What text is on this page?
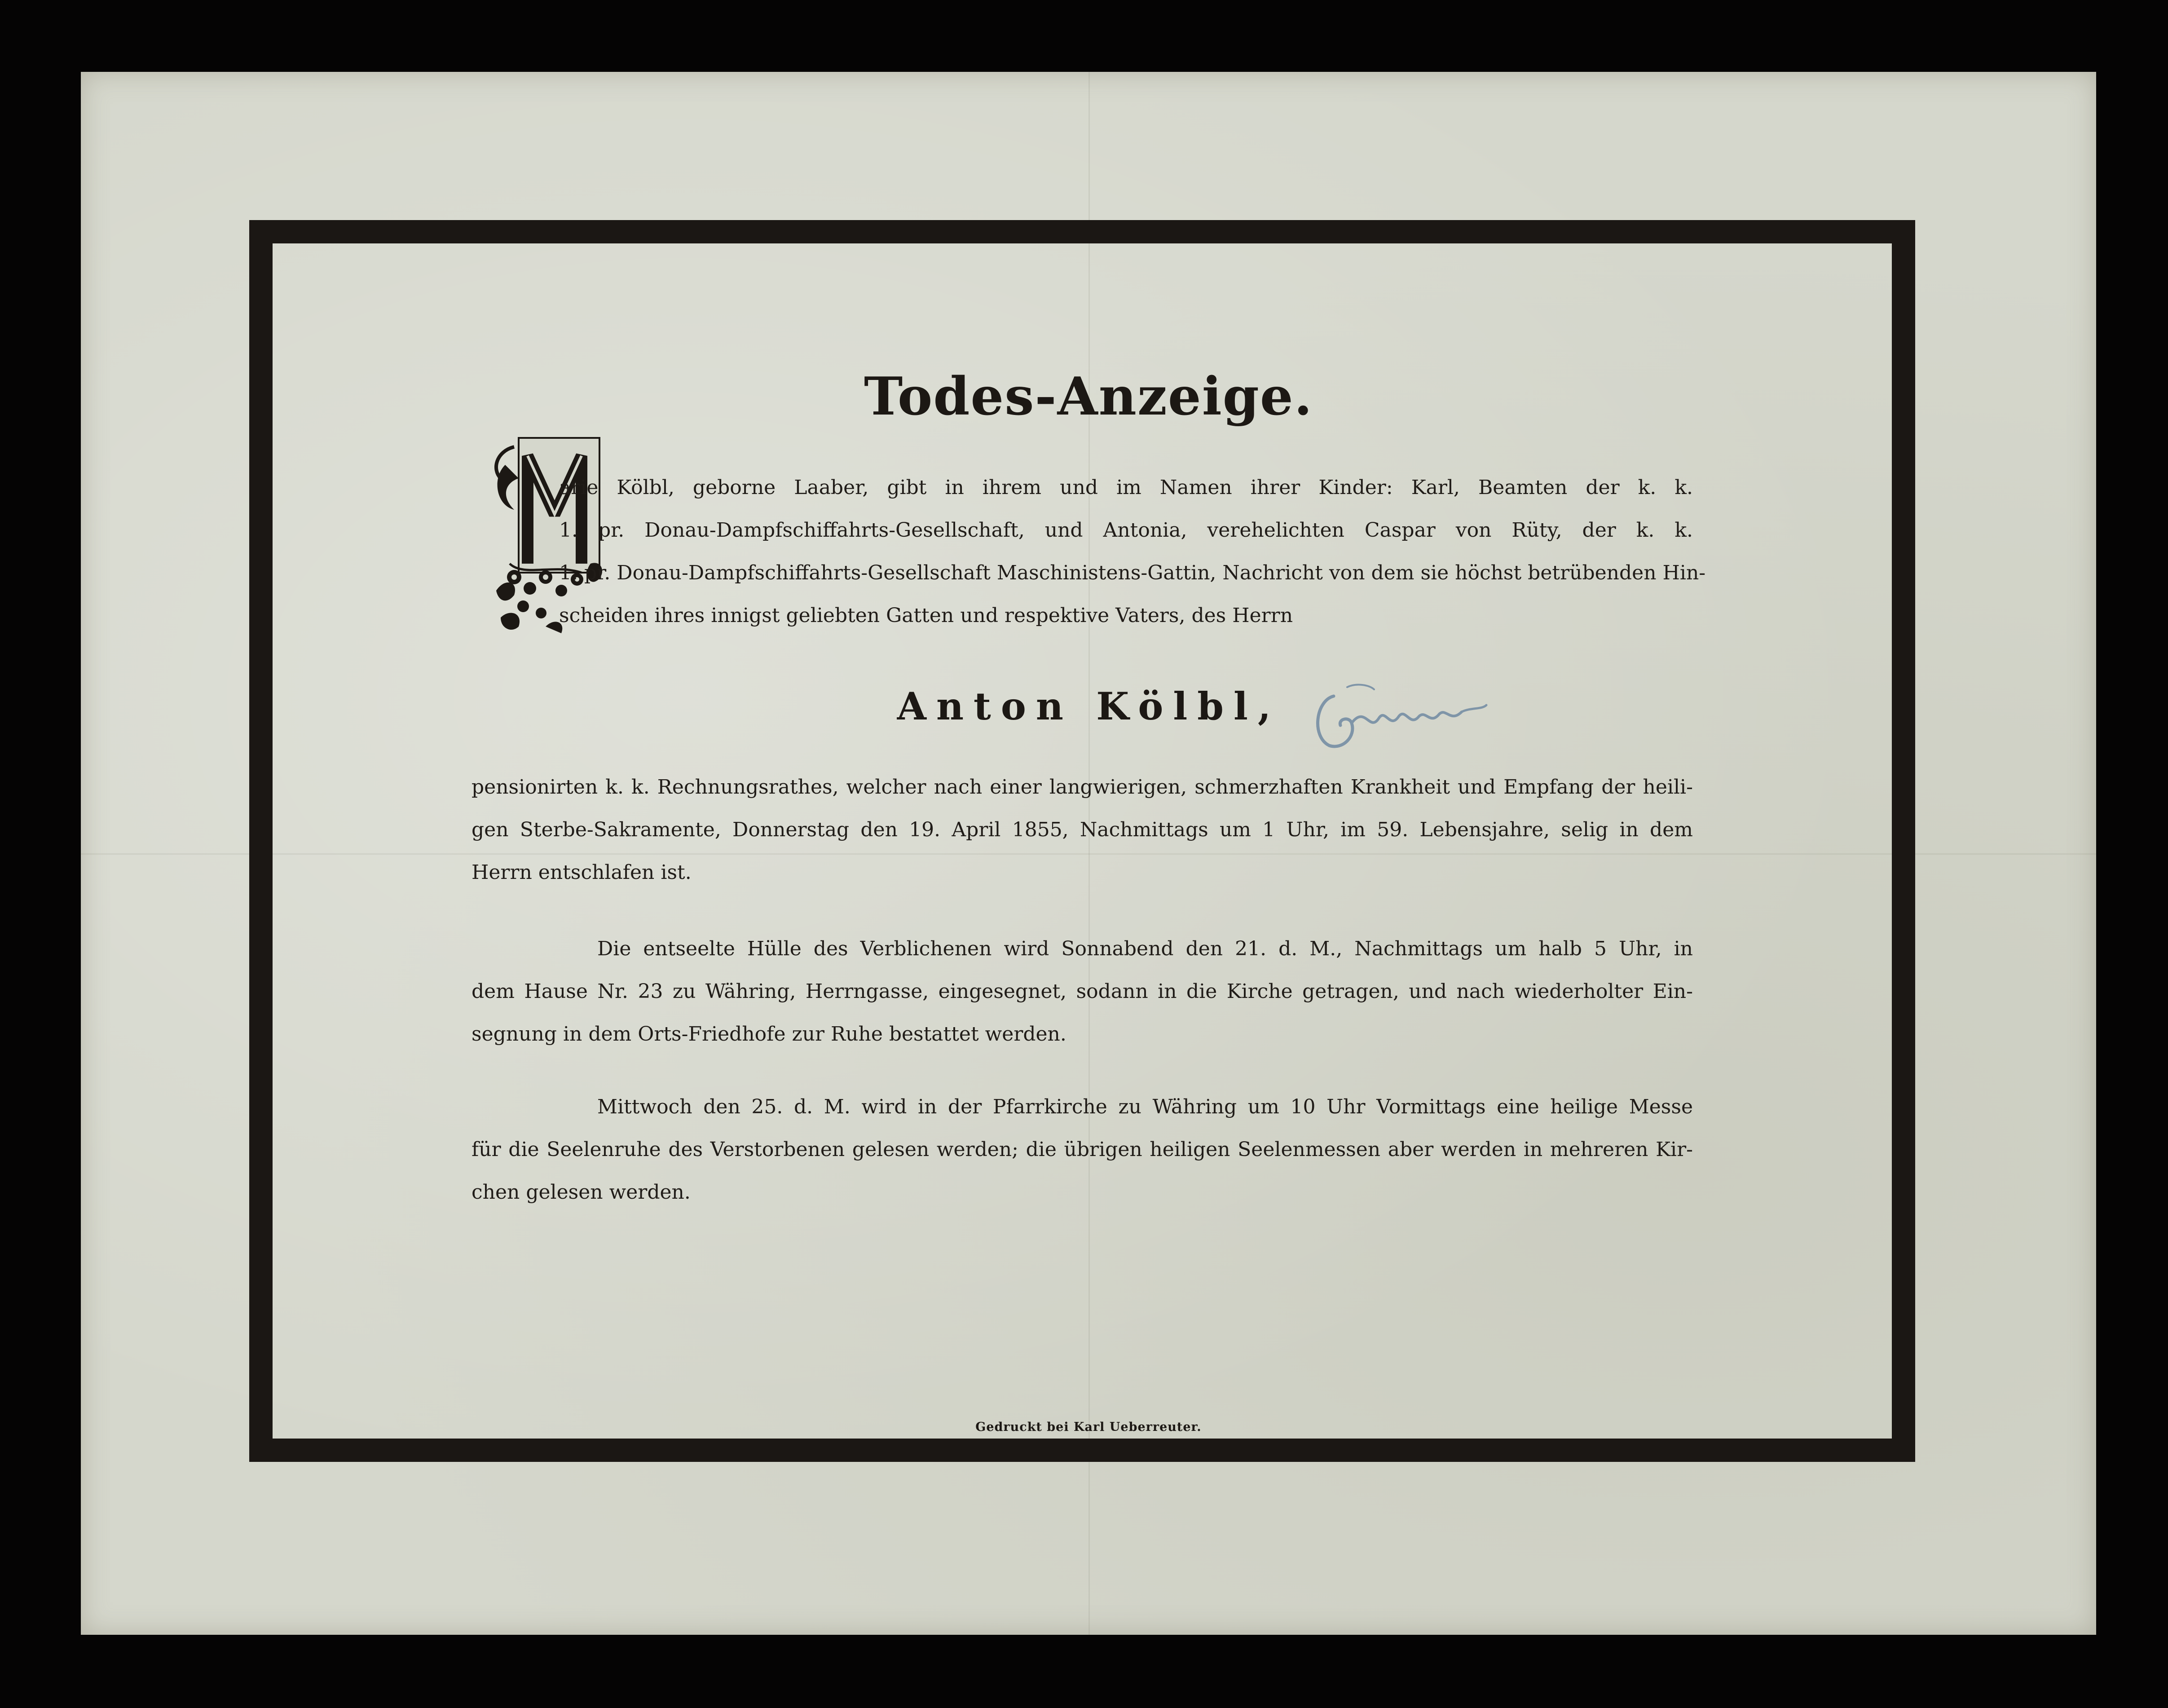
Todes-Anzeige.
arie Kölbl, geborne Laaber, gibt in ihrem und im Namen ihrer Kinder: Karl, Beamten der k. k.
1. pr. Donau-Dampfschiffahrts-Gesellschaft, und Antonia, verehelichten Caspar von Rüty, der k. k.
1. pr. Donau-Dampfschiffahrts-Gesellschaft Maschinistens-Gattin, Nachricht von dem sie höchst betrübenden Hin-
scheiden ihres innigst geliebten Gatten und respektive Vaters, des Herrn
Anton Kölbl,
pensionirten k. k. Rechnungsrathes, welcher nach einer langwierigen, schmerzhaften Krankheit und Empfang der heili-
gen Sterbe-Sakramente, Donnerstag den 19. April 1855, Nachmittags um 1 Uhr, im 59. Lebensjahre, selig in dem
Herrn entschlafen ist.
Die entseelte Hülle des Verblichenen wird Sonnabend den 21. d. M., Nachmittags um halb 5 Uhr, in
dem Hause Nr. 23 zu Währing, Herrngasse, eingesegnet, sodann in die Kirche getragen, und nach wiederholter Ein-
segnung in dem Orts-Friedhofe zur Ruhe bestattet werden.
Mittwoch den 25. d. M. wird in der Pfarrkirche zu Währing um 10 Uhr Vormittags eine heilige Messe
für die Seelenruhe des Verstorbenen gelesen werden; die übrigen heiligen Seelenmessen aber werden in mehreren Kir-
chen gelesen werden.
Gedruckt bei Karl Ueberreuter.
